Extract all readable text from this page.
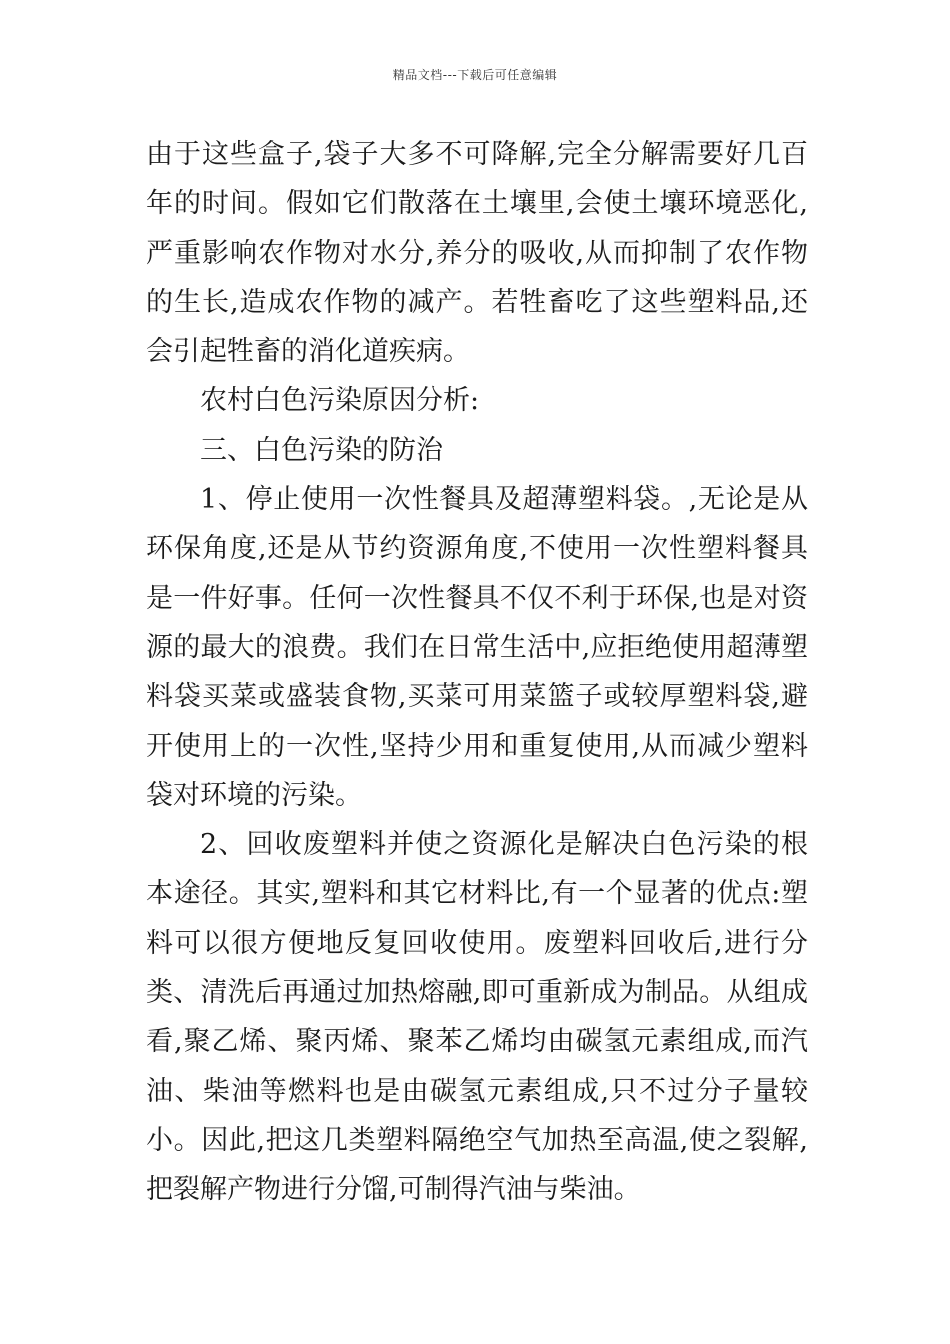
精品文档---下载后可任意编辑

由于这些盒子,袋子大多不可降解,完全分解需要好几百年的时间。假如它们散落在土壤里,会使土壤环境恶化,严重影响农作物对水分,养分的吸收,从而抑制了农作物的生长,造成农作物的减产。若牲畜吃了这些塑料品,还会引起牲畜的消化道疾病。

农村白色污染原因分析:

三、白色污染的防治

1、停止使用一次性餐具及超薄塑料袋。,无论是从环保角度,还是从节约资源角度,不使用一次性塑料餐具是一件好事。任何一次性餐具不仅不利于环保,也是对资源的最大的浪费。我们在日常生活中,应拒绝使用超薄塑料袋买菜或盛装食物,买菜可用菜篮子或较厚塑料袋,避开使用上的一次性,坚持少用和重复使用,从而减少塑料袋对环境的污染。

2、回收废塑料并使之资源化是解决白色污染的根本途径。其实,塑料和其它材料比,有一个显著的优点:塑料可以很方便地反复回收使用。废塑料回收后,进行分类、清洗后再通过加热熔融,即可重新成为制品。从组成看,聚乙烯、聚丙烯、聚苯乙烯均由碳氢元素组成,而汽油、柴油等燃料也是由碳氢元素组成,只不过分子量较小。因此,把这几类塑料隔绝空气加热至高温,使之裂解,把裂解产物进行分馏,可制得汽油与柴油。
